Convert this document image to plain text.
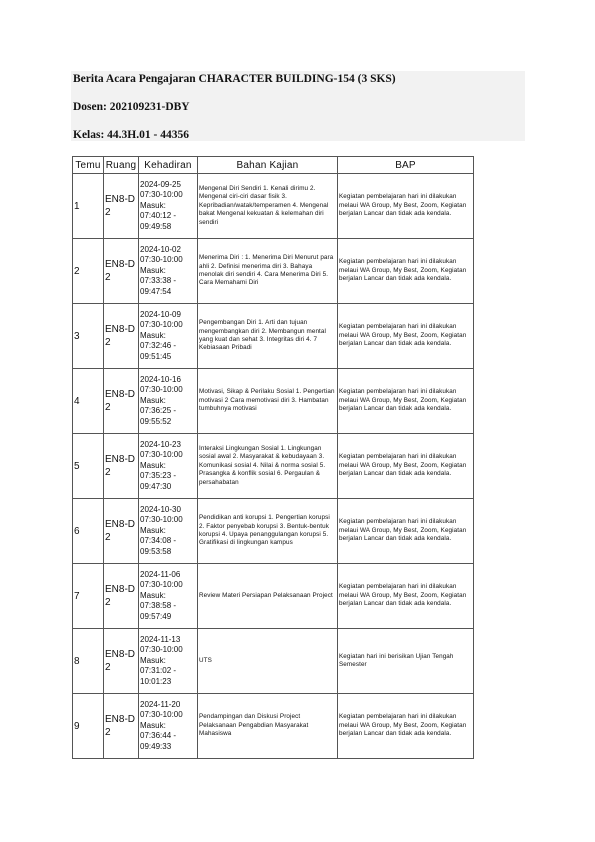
Berita Acara Pengajaran CHARACTER BUILDING-154 (3 SKS)
Dosen: 202109231-DBY
Kelas: 44.3H.01 - 44356
Temu	Ruang	Kehadiran	Bahan Kajian	BAP
1	EN8-D2	2024-09-25
07:30-10:00
Masuk:
07:40:12 -
09:49:58	Mengenal Diri Sendiri 1. Kenali dirimu 2. Mengenal ciri-ciri dasar fisik 3. Kepribadian/watak/temperamen 4. Mengenal bakat Mengenal kekuatan & kelemahan diri sendiri	Kegiatan pembelajaran hari ini dilakukan melaui WA Group, My Best, Zoom, Kegiatan berjalan Lancar dan tidak ada kendala.
2	EN8-D2	2024-10-02
07:30-10:00
Masuk:
07:33:38 -
09:47:54	Menerima Diri : 1. Menerima Diri Menurut para ahli 2. Definisi menerima diri 3. Bahaya menolak diri sendiri 4. Cara Menerima Diri 5. Cara Memahami Diri	Kegiatan pembelajaran hari ini dilakukan melaui WA Group, My Best, Zoom, Kegiatan berjalan Lancar dan tidak ada kendala.
3	EN8-D2	2024-10-09
07:30-10:00
Masuk:
07:32:46 -
09:51:45	Pengembangan Diri 1. Arti dan tujuan mengembangkan diri 2. Membangun mental yang kuat dan sehat 3. Integritas diri 4. 7 Kebiasaan Pribadi	Kegiatan pembelajaran hari ini dilakukan melaui WA Group, My Best, Zoom, Kegiatan berjalan Lancar dan tidak ada kendala.
4	EN8-D2	2024-10-16
07:30-10:00
Masuk:
07:36:25 -
09:55:52	Motivasi, Sikap & Perilaku Sosial 1. Pengertian motivasi 2 Cara memotivasi diri 3. Hambatan tumbuhnya motivasi	Kegiatan pembelajaran hari ini dilakukan melaui WA Group, My Best, Zoom, Kegiatan berjalan Lancar dan tidak ada kendala.
5	EN8-D2	2024-10-23
07:30-10:00
Masuk:
07:35:23 -
09:47:30	Interaksi Lingkungan Sosial 1. Lingkungan sosial awal 2. Masyarakat & kebudayaan 3. Komunikasi sosial 4. Nilai & norma sosial 5. Prasangka & konflik sosial 6. Pergaulan & persahabatan	Kegiatan pembelajaran hari ini dilakukan melaui WA Group, My Best, Zoom, Kegiatan berjalan Lancar dan tidak ada kendala.
6	EN8-D2	2024-10-30
07:30-10:00
Masuk:
07:34:08 -
09:53:58	Pendidikan anti korupsi 1. Pengertian korupsi 2. Faktor penyebab korupsi 3. Bentuk-bentuk korupsi 4. Upaya penanggulangan korupsi 5. Gratifikasi di lingkungan kampus	Kegiatan pembelajaran hari ini dilakukan melaui WA Group, My Best, Zoom, Kegiatan berjalan Lancar dan tidak ada kendala.
7	EN8-D2	2024-11-06
07:30-10:00
Masuk:
07:38:58 -
09:57:49	Review Materi Persiapan Pelaksanaan Project	Kegiatan pembelajaran hari ini dilakukan melaui WA Group, My Best, Zoom, Kegiatan berjalan Lancar dan tidak ada kendala.
8	EN8-D2	2024-11-13
07:30-10:00
Masuk:
07:31:02 -
10:01:23	UTS	Kegiatan hari ini berisikan Ujian Tengah Semester
9	EN8-D2	2024-11-20
07:30-10:00
Masuk:
07:36:44 -
09:49:33	Pendampingan dan Diskusi Project Pelaksanaan Pengabdian Masyarakat Mahasiswa	Kegiatan pembelajaran hari ini dilakukan melaui WA Group, My Best, Zoom, Kegiatan berjalan Lancar dan tidak ada kendala.
